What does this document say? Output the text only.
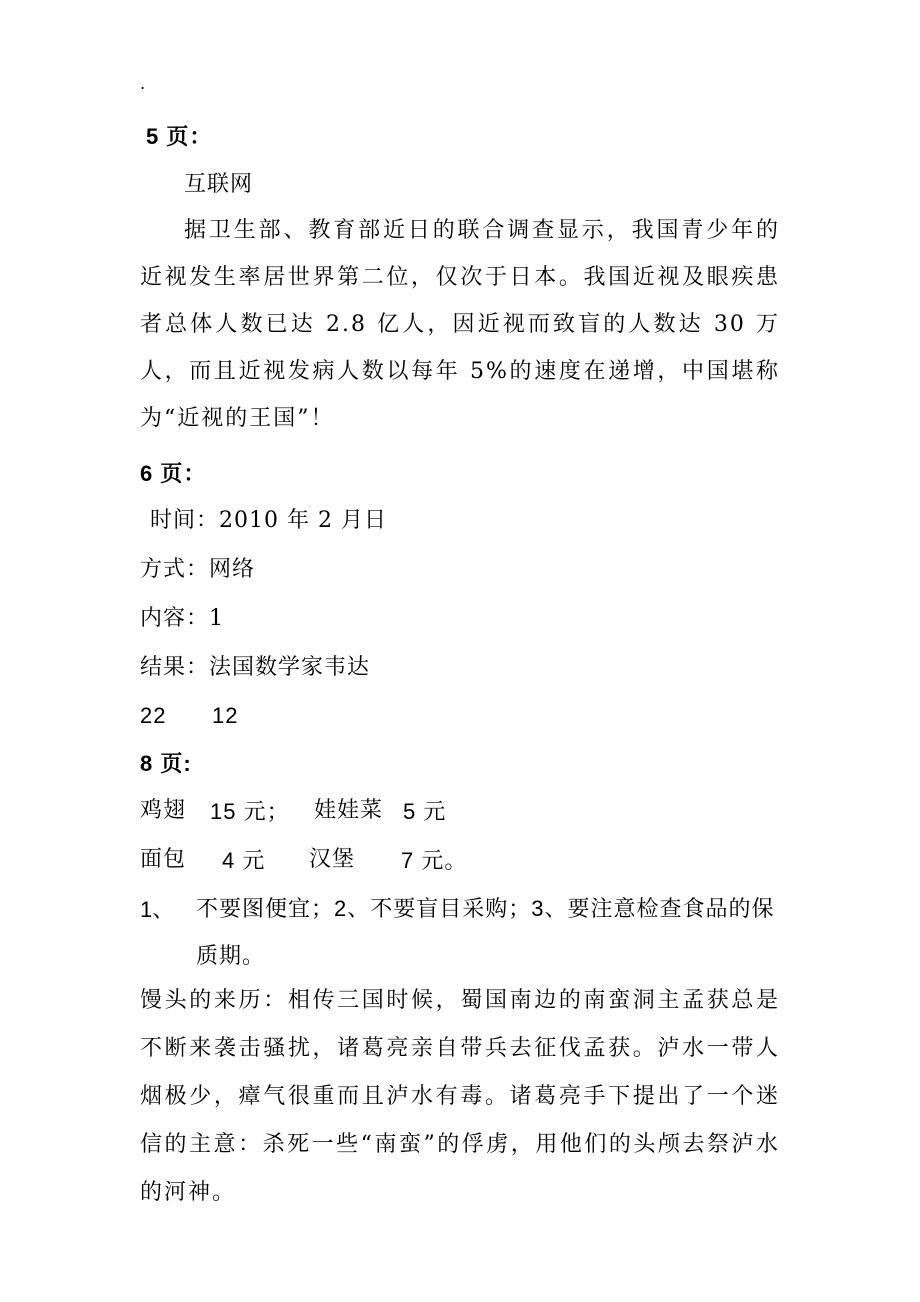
.
5 页：
互联网
据卫生部、教育部近日的联合调查显示，我国青少年的近视发生率居世界第二位，仅次于日本。我国近视及眼疾患者总体人数已达 2.8 亿人，因近视而致盲的人数达 30 万人，而且近视发病人数以每年 5%的速度在递增，中国堪称为“近视的王国”！
6 页：
时间：2010 年 2 月日
方式：网络
内容：1
结果：法国数学家韦达
22 12
8 页:
鸡翅 15 元； 娃娃菜 5 元
面包 4 元 汉堡 7 元。
1、 不要图便宜；2、不要盲目采购；3、要注意检查食品的保质期。
馒头的来历：相传三国时候，蜀国南边的南蛮洞主孟获总是不断来袭击骚扰，诸葛亮亲自带兵去征伐孟获。泸水一带人烟极少，瘴气很重而且泸水有毒。诸葛亮手下提出了一个迷信的主意：杀死一些“南蛮”的俘虏，用他们的头颅去祭泸水的河神。
